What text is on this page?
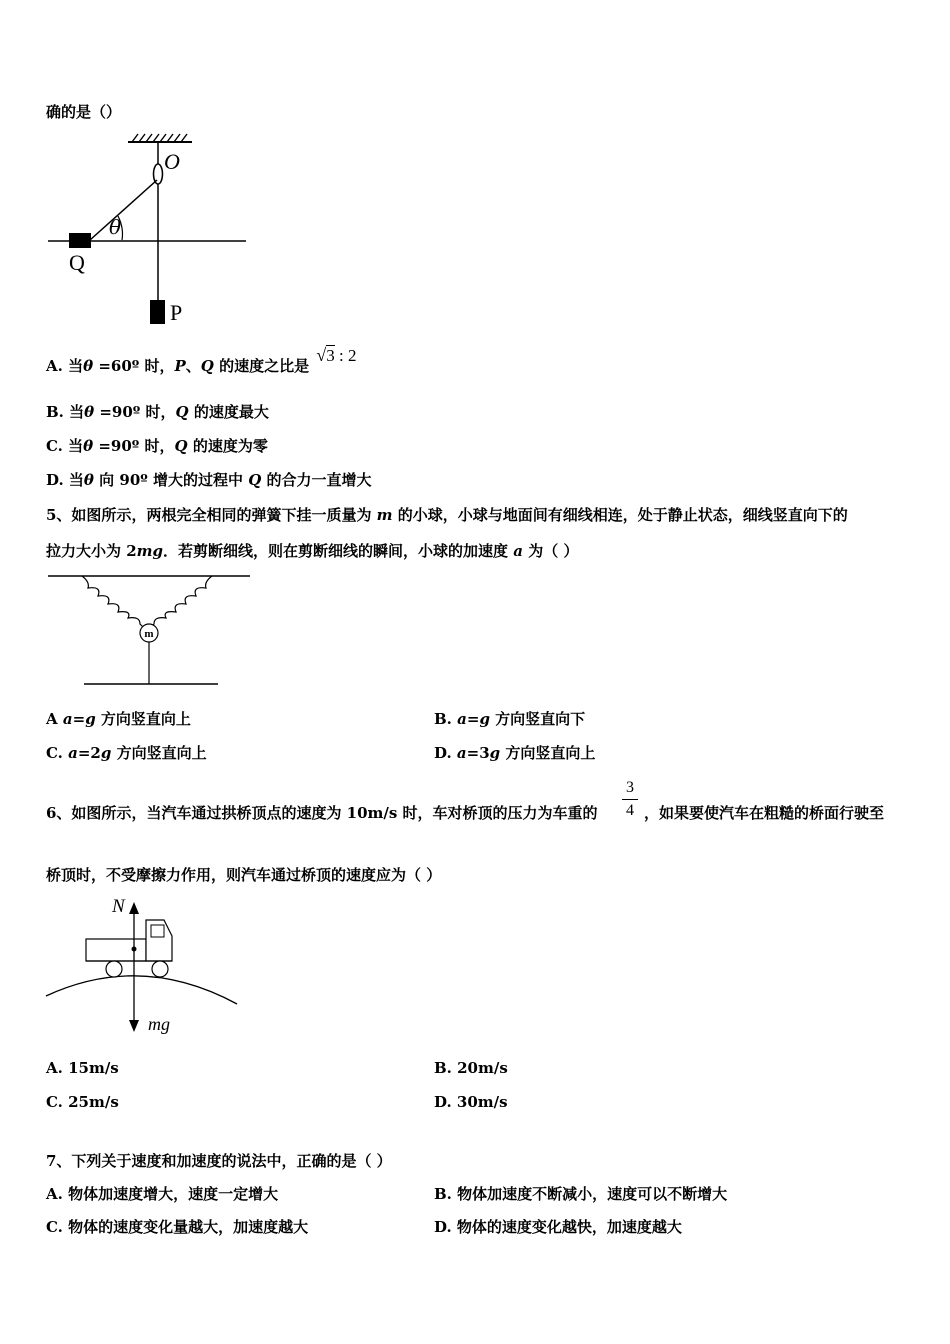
确的是（）
O
θ
Q
P
A. 当θ =60º 时，P、Q 的速度之比是 √3 : 2
B. 当θ =90º 时，Q 的速度最大
C. 当θ =90º 时，Q 的速度为零
D. 当θ 向 90º 增大的过程中 Q 的合力一直增大
5、如图所示，两根完全相同的弹簧下挂一质量为 m 的小球，小球与地面间有细线相连，处于静止状态，细线竖直向下的
拉力大小为 2mg．若剪断细线，则在剪断细线的瞬间，小球的加速度 a 为（ ）
m
A a=g 方向竖直向上	B. a=g 方向竖直向下
C. a=2g 方向竖直向上	D. a=3g 方向竖直向上
6、如图所示，当汽车通过拱桥顶点的速度为 10m/s 时，车对桥顶的压力为车重的
3
4 ，如果要使汽车在粗糙的桥面行驶至
桥顶时，不受摩擦力作用，则汽车通过桥顶的速度应为（ ）
N
mg
A. 15m/s	B. 20m/s
C. 25m/s	D. 30m/s
7、下列关于速度和加速度的说法中，正确的是（ ）
A. 物体加速度增大，速度一定增大	B. 物体加速度不断减小，速度可以不断增大
C. 物体的速度变化量越大，加速度越大	D. 物体的速度变化越快，加速度越大
